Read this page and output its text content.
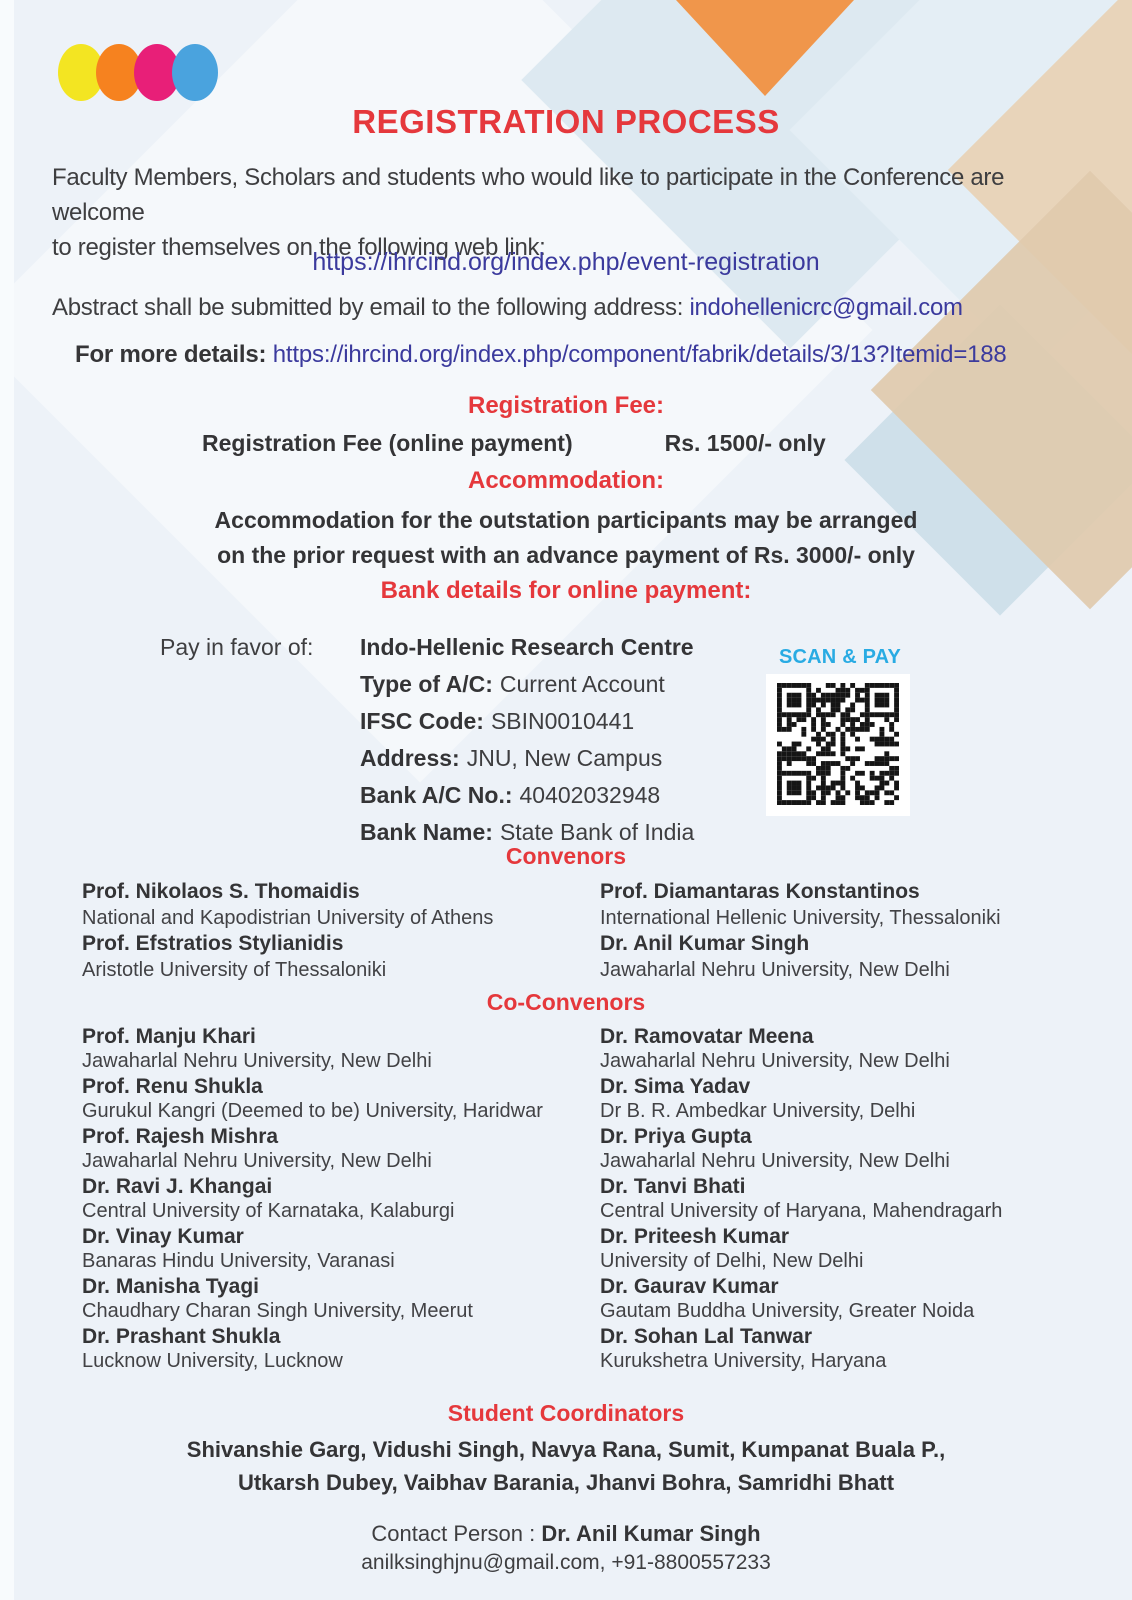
REGISTRATION PROCESS
Faculty Members, Scholars and students who would like to participate in the Conference are welcome
to register themselves on the following web link:
https://ihrcind.org/index.php/event-registration
Abstract shall be submitted by email to the following address: indohellenicrc@gmail.com
For more details: https://ihrcind.org/index.php/component/fabrik/details/3/13?Itemid=188
Registration Fee:
Registration Fee (online payment)	Rs. 1500/- only
Accommodation:
Accommodation for the outstation participants may be arranged
on the prior request with an advance payment of Rs. 3000/- only
Bank details for online payment:
Pay in favor of:	Indo-Hellenic Research Centre
Type of A/C: Current Account
IFSC Code: SBIN0010441
Address: JNU, New Campus
Bank A/C No.: 40402032948
Bank Name: State Bank of India
SCAN & PAY
Convenors
Prof. Nikolaos S. Thomaidis
National and Kapodistrian University of Athens
Prof. Efstratios Stylianidis
Aristotle University of Thessaloniki
Prof. Diamantaras Konstantinos
International Hellenic University, Thessaloniki
Dr. Anil Kumar Singh
Jawaharlal Nehru University, New Delhi
Co-Convenors
Prof. Manju Khari
Jawaharlal Nehru University, New Delhi
Prof. Renu Shukla
Gurukul Kangri (Deemed to be) University, Haridwar
Prof. Rajesh Mishra
Jawaharlal Nehru University, New Delhi
Dr. Ravi J. Khangai
Central University of Karnataka, Kalaburgi
Dr. Vinay Kumar
Banaras Hindu University, Varanasi
Dr. Manisha Tyagi
Chaudhary Charan Singh University, Meerut
Dr. Prashant Shukla
Lucknow University, Lucknow
Dr. Ramovatar Meena
Jawaharlal Nehru University, New Delhi
Dr. Sima Yadav
Dr B. R. Ambedkar University, Delhi
Dr. Priya Gupta
Jawaharlal Nehru University, New Delhi
Dr. Tanvi Bhati
Central University of Haryana, Mahendragarh
Dr. Priteesh Kumar
University of Delhi, New Delhi
Dr. Gaurav Kumar
Gautam Buddha University, Greater Noida
Dr. Sohan Lal Tanwar
Kurukshetra University, Haryana
Student Coordinators
Shivanshie Garg, Vidushi Singh, Navya Rana, Sumit, Kumpanat Buala P.,
Utkarsh Dubey, Vaibhav Barania, Jhanvi Bohra, Samridhi Bhatt
Contact Person : Dr. Anil Kumar Singh
anilksinghjnu@gmail.com, +91-8800557233
